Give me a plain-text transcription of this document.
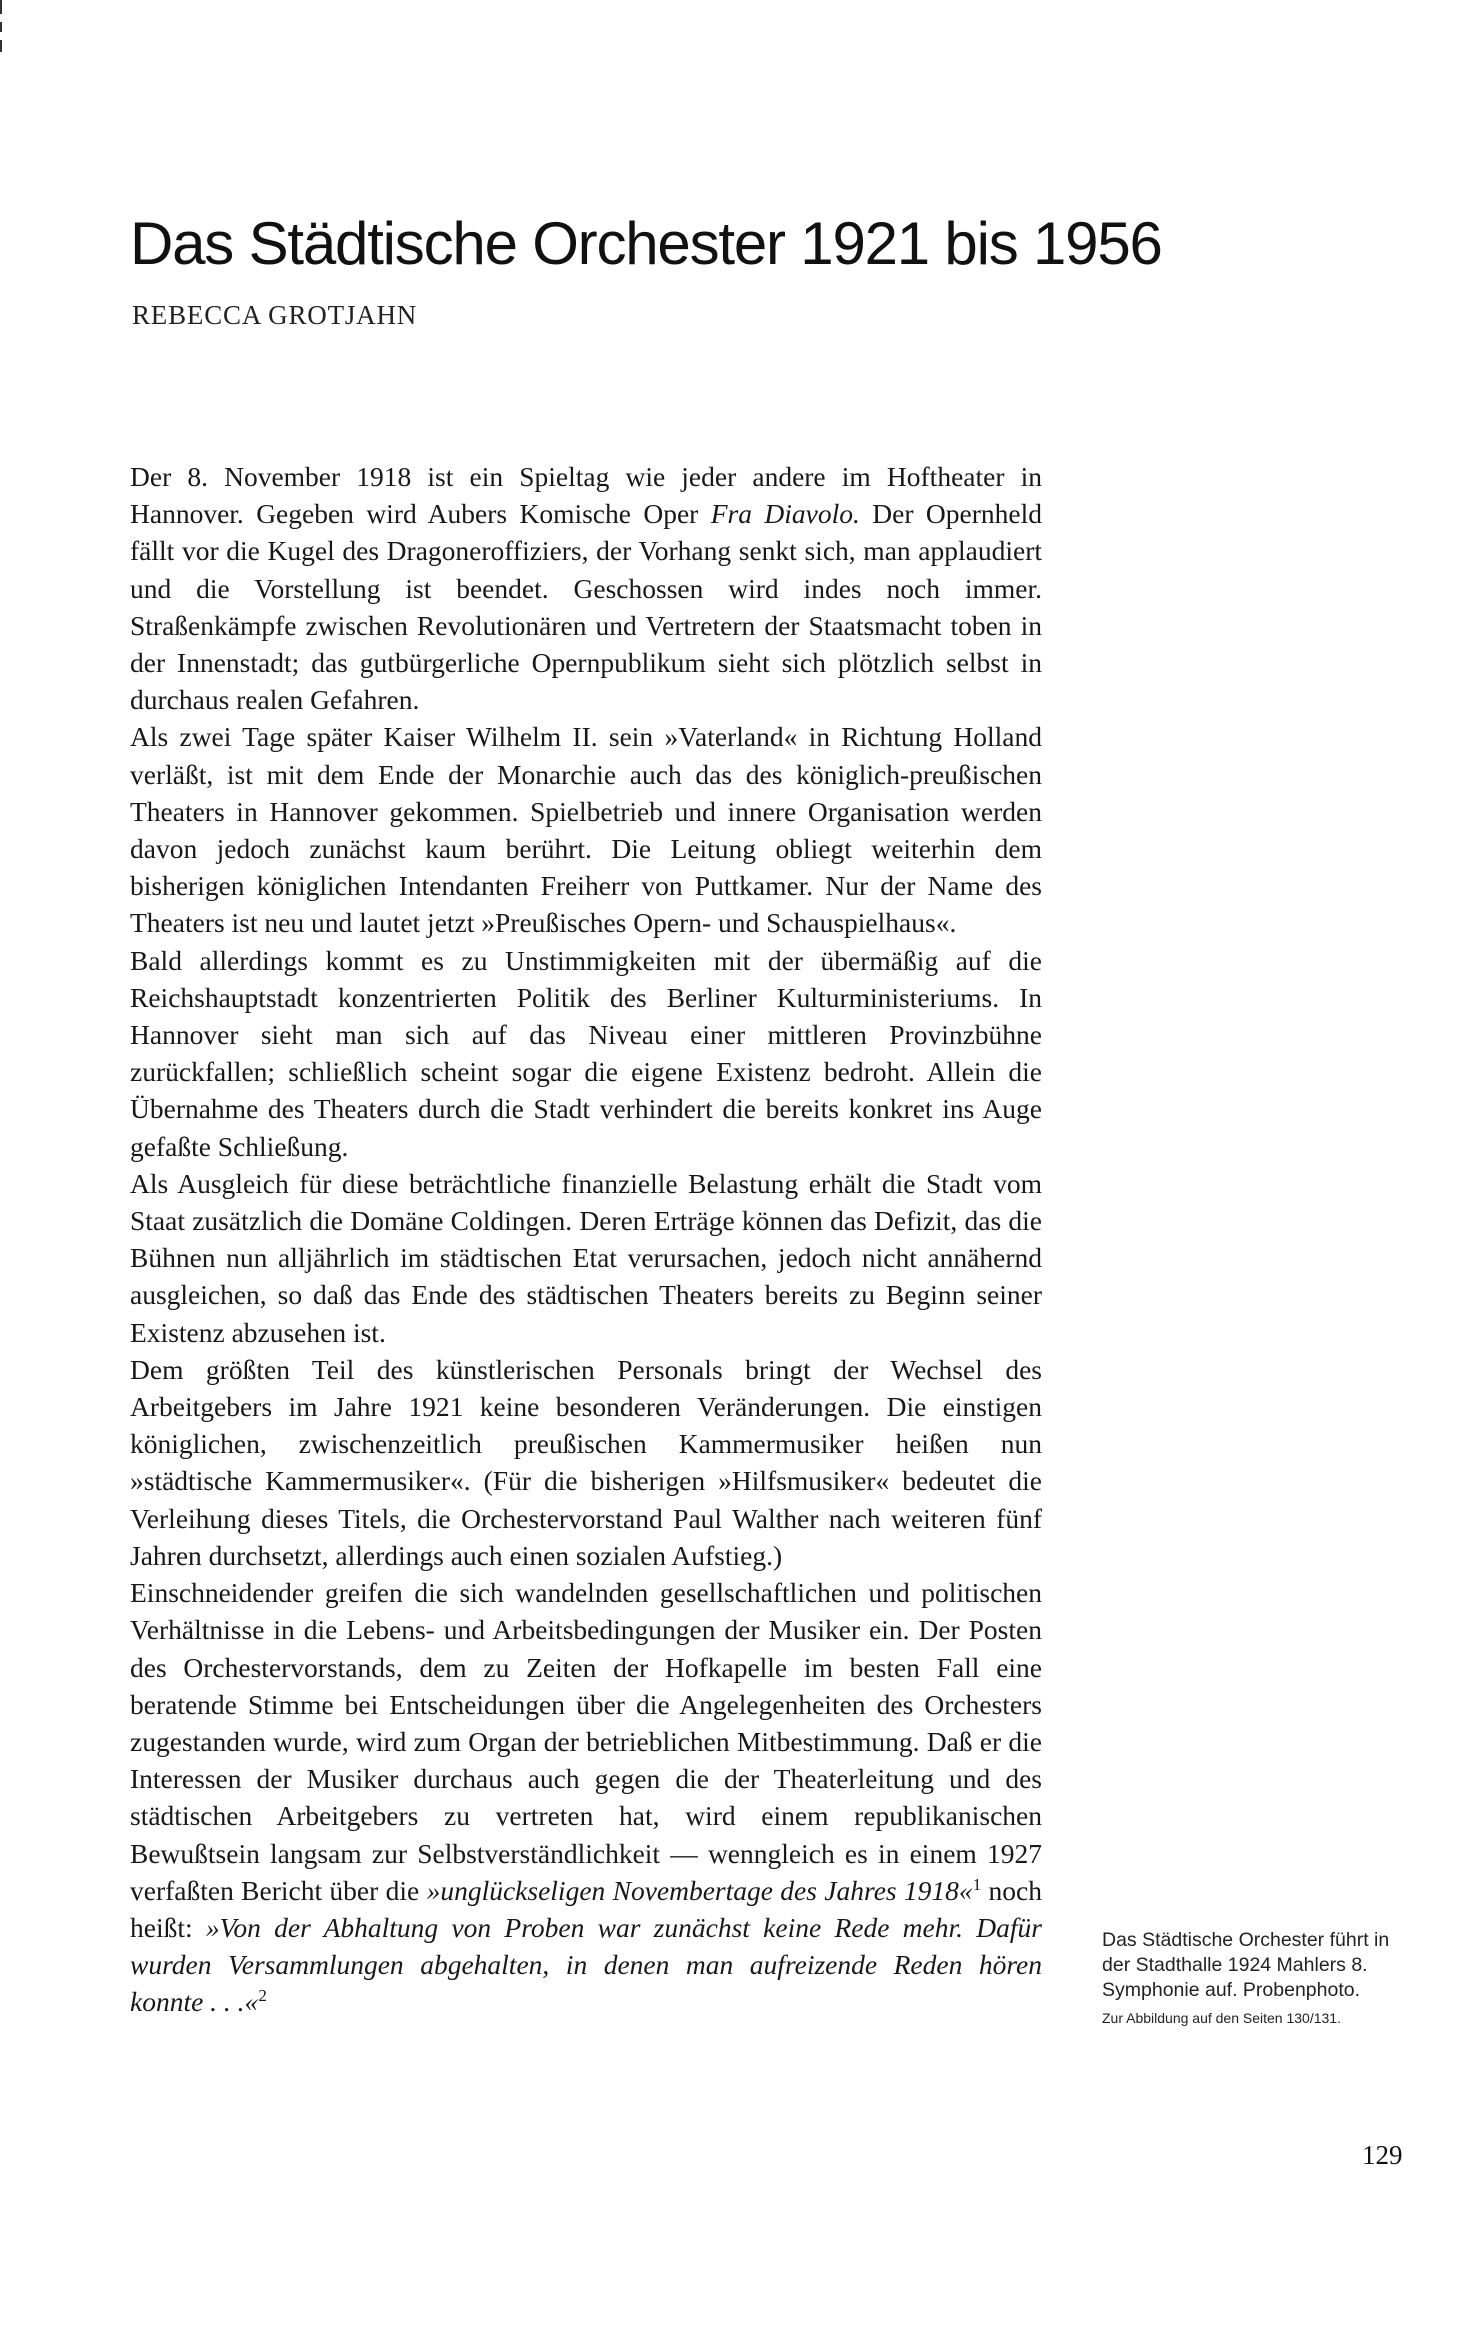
Das Städtische Orchester 1921 bis 1956
REBECCA GROTJAHN

Der 8. November 1918 ist ein Spieltag wie jeder andere im Hoftheater in Hannover. Gegeben wird Aubers Komische Oper Fra Diavolo. Der Opernheld fällt vor die Kugel des Dragoneroffiziers, der Vorhang senkt sich, man applaudiert und die Vorstellung ist beendet. Geschossen wird indes noch immer. Straßenkämpfe zwischen Revolutionären und Vertretern der Staatsmacht toben in der Innenstadt; das gutbürgerliche Opernpublikum sieht sich plötzlich selbst in durchaus realen Gefahren.

Als zwei Tage später Kaiser Wilhelm II. sein »Vaterland« in Richtung Holland verläßt, ist mit dem Ende der Monarchie auch das des königlich-preußischen Theaters in Hannover gekommen. Spielbetrieb und innere Organisation werden davon jedoch zunächst kaum berührt. Die Leitung obliegt weiterhin dem bisherigen königlichen Intendanten Freiherr von Puttkamer. Nur der Name des Theaters ist neu und lautet jetzt »Preußisches Opern- und Schauspielhaus«.

Bald allerdings kommt es zu Unstimmigkeiten mit der übermäßig auf die Reichshauptstadt konzentrierten Politik des Berliner Kulturministeriums. In Hannover sieht man sich auf das Niveau einer mittleren Provinzbühne zurückfallen; schließlich scheint sogar die eigene Existenz bedroht. Allein die Übernahme des Theaters durch die Stadt verhindert die bereits konkret ins Auge gefaßte Schließung.

Als Ausgleich für diese beträchtliche finanzielle Belastung erhält die Stadt vom Staat zusätzlich die Domäne Coldingen. Deren Erträge können das Defizit, das die Bühnen nun alljährlich im städtischen Etat verursachen, jedoch nicht annähernd ausgleichen, so daß das Ende des städtischen Theaters bereits zu Beginn seiner Existenz abzusehen ist.

Dem größten Teil des künstlerischen Personals bringt der Wechsel des Arbeitgebers im Jahre 1921 keine besonderen Veränderungen. Die einstigen königlichen, zwischenzeitlich preußischen Kammermusiker heißen nun »städtische Kammermusiker«. (Für die bisherigen »Hilfsmusiker« bedeutet die Verleihung dieses Titels, die Orchestervorstand Paul Walther nach weiteren fünf Jahren durchsetzt, allerdings auch einen sozialen Aufstieg.)

Einschneidender greifen die sich wandelnden gesellschaftlichen und politischen Verhältnisse in die Lebens- und Arbeitsbedingungen der Musiker ein. Der Posten des Orchestervorstands, dem zu Zeiten der Hofkapelle im besten Fall eine beratende Stimme bei Entscheidungen über die Angelegenheiten des Orchesters zugestanden wurde, wird zum Organ der betrieblichen Mitbestimmung. Daß er die Interessen der Musiker durchaus auch gegen die der Theaterleitung und des städtischen Arbeitgebers zu vertreten hat, wird einem republikanischen Bewußtsein langsam zur Selbstverständlichkeit — wenngleich es in einem 1927 verfaßten Bericht über die »unglückseligen Novembertage des Jahres 1918«$^1$ noch heißt: »Von der Abhaltung von Proben war zunächst keine Rede mehr. Dafür wurden Versammlungen abgehalten, in denen man aufreizende Reden hören konnte . . .«$^2$

Das Städtische Orchester führt in der Stadthalle 1924 Mahlers 8. Symphonie auf. Probenphoto.
Zur Abbildung auf den Seiten 130/131.
129
